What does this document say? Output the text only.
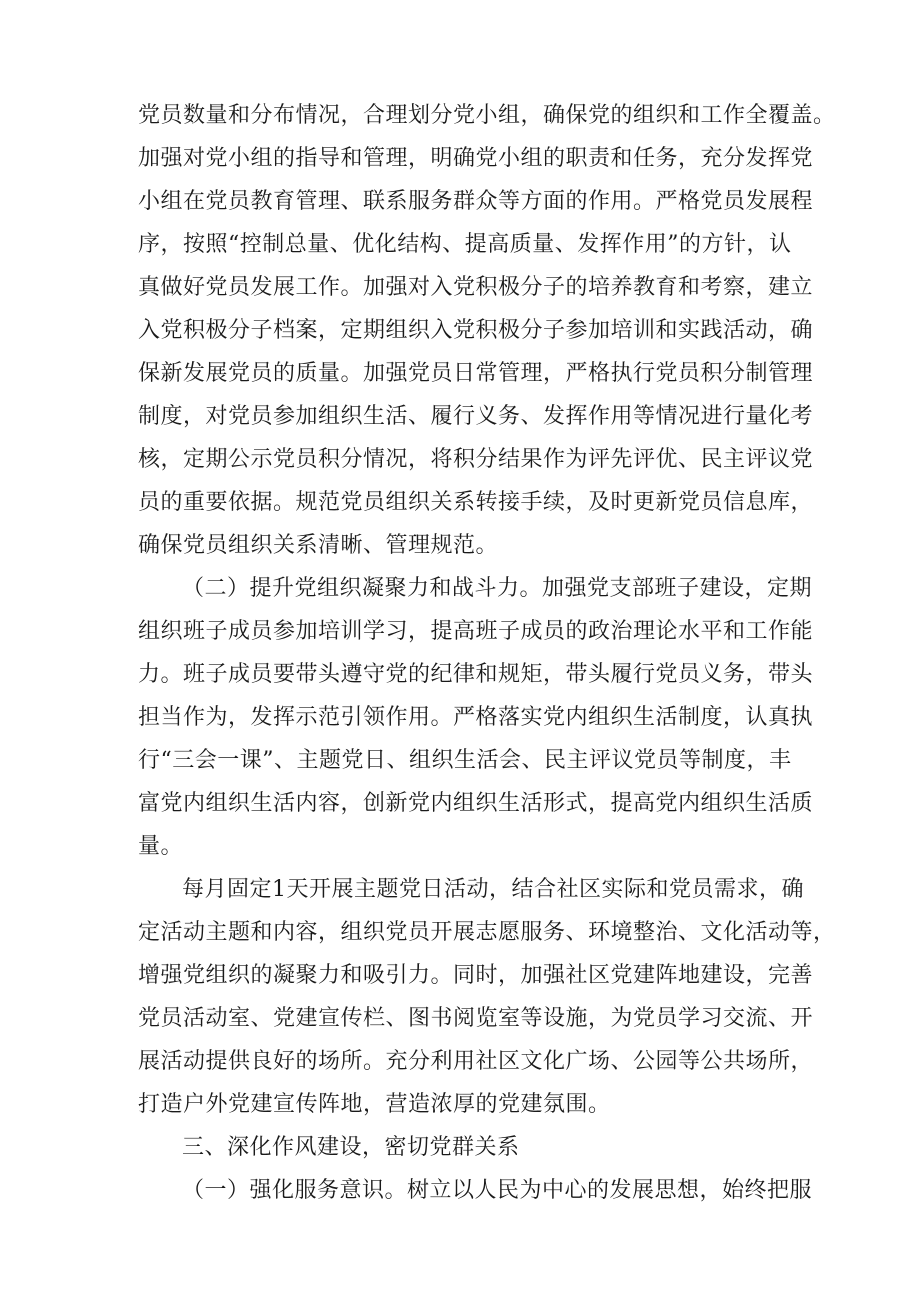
党员数量和分布情况，合理划分党小组，确保党的组织和工作全覆盖。
加强对党小组的指导和管理，明确党小组的职责和任务，充分发挥党
小组在党员教育管理、联系服务群众等方面的作用。严格党员发展程
序，按照“控制总量、优化结构、提高质量、发挥作用”的方针，认
真做好党员发展工作。加强对入党积极分子的培养教育和考察，建立
入党积极分子档案，定期组织入党积极分子参加培训和实践活动，确
保新发展党员的质量。加强党员日常管理，严格执行党员积分制管理
制度，对党员参加组织生活、履行义务、发挥作用等情况进行量化考
核，定期公示党员积分情况，将积分结果作为评先评优、民主评议党
员的重要依据。规范党员组织关系转接手续，及时更新党员信息库，
确保党员组织关系清晰、管理规范。
（二）提升党组织凝聚力和战斗力。加强党支部班子建设，定期
组织班子成员参加培训学习，提高班子成员的政治理论水平和工作能
力。班子成员要带头遵守党的纪律和规矩，带头履行党员义务，带头
担当作为，发挥示范引领作用。严格落实党内组织生活制度，认真执
行“三会一课”、主题党日、组织生活会、民主评议党员等制度，丰
富党内组织生活内容，创新党内组织生活形式，提高党内组织生活质
量。
每月固定1天开展主题党日活动，结合社区实际和党员需求，确
定活动主题和内容，组织党员开展志愿服务、环境整治、文化活动等，
增强党组织的凝聚力和吸引力。同时，加强社区党建阵地建设，完善
党员活动室、党建宣传栏、图书阅览室等设施，为党员学习交流、开
展活动提供良好的场所。充分利用社区文化广场、公园等公共场所，
打造户外党建宣传阵地，营造浓厚的党建氛围。
三、深化作风建设，密切党群关系
（一）强化服务意识。树立以人民为中心的发展思想，始终把服
